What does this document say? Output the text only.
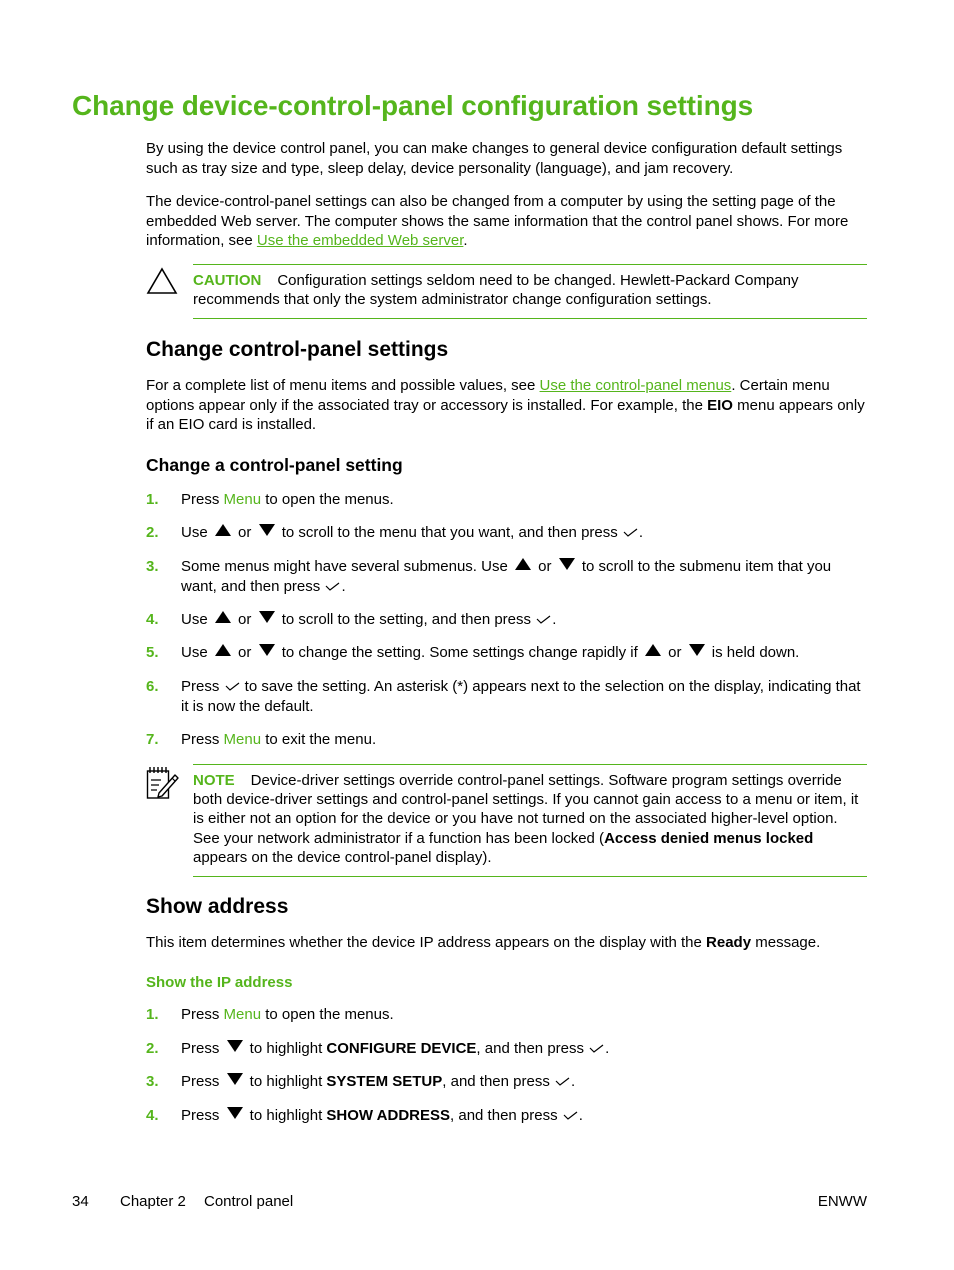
Change device-control-panel configuration settings

By using the device control panel, you can make changes to general device configuration default settings such as tray size and type, sleep delay, device personality (language), and jam recovery.

The device-control-panel settings can also be changed from a computer by using the setting page of the embedded Web server. The computer shows the same information that the control panel shows. For more information, see Use the embedded Web server.

CAUTION Configuration settings seldom need to be changed. Hewlett-Packard Company recommends that only the system administrator change configuration settings.

Change control-panel settings

For a complete list of menu items and possible values, see Use the control-panel menus. Certain menu options appear only if the associated tray or accessory is installed. For example, the EIO menu appears only if an EIO card is installed.

Change a control-panel setting
1. Press Menu to open the menus.
2. Use or  to scroll to the menu that you want, and then press .
3. Some menus might have several submenus. Use  or  to scroll to the submenu item that you want, and then press .
4. Use or  to scroll to the setting, and then press .
5. Use or  to change the setting. Some settings change rapidly if  or  is held down.
6. Press  to save the setting. An asterisk (*) appears next to the selection on the display, indicating that it is now the default.
7. Press Menu to exit the menu.

NOTE Device-driver settings override control-panel settings. Software program settings override both device-driver settings and control-panel settings. If you cannot gain access to a menu or item, it is either not an option for the device or you have not turned on the associated higher-level option. See your network administrator if a function has been locked (Access denied menus locked appears on the device control-panel display).

Show address

This item determines whether the device IP address appears on the display with the Ready message.

Show the IP address
1. Press Menu to open the menus.
2. Press  to highlight CONFIGURE DEVICE, and then press .
3. Press  to highlight SYSTEM SETUP, and then press .
4. Press  to highlight SHOW ADDRESS, and then press .
34 Chapter 2 Control panel	ENWW
